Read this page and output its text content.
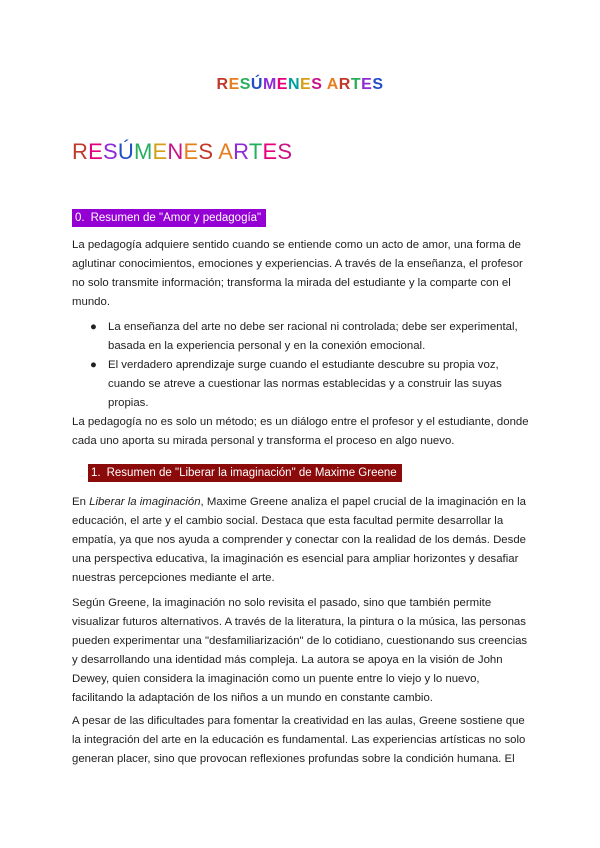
RESÚMENES ARTES
RESÚMENES ARTES
0. Resumen de "Amor y pedagogía"

La pedagogía adquiere sentido cuando se entiende como un acto de amor, una forma de aglutinar conocimientos, emociones y experiencias. A través de la enseñanza, el profesor no solo transmite información; transforma la mirada del estudiante y la comparte con el mundo.

● La enseñanza del arte no debe ser racional ni controlada; debe ser experimental, basada en la experiencia personal y en la conexión emocional.
● El verdadero aprendizaje surge cuando el estudiante descubre su propia voz, cuando se atreve a cuestionar las normas establecidas y a construir las suyas propias.

La pedagogía no es solo un método; es un diálogo entre el profesor y el estudiante, donde cada uno aporta su mirada personal y transforma el proceso en algo nuevo.

1. Resumen de "Liberar la imaginación" de Maxime Greene

En Liberar la imaginación, Maxime Greene analiza el papel crucial de la imaginación en la educación, el arte y el cambio social. Destaca que esta facultad permite desarrollar la empatía, ya que nos ayuda a comprender y conectar con la realidad de los demás. Desde una perspectiva educativa, la imaginación es esencial para ampliar horizontes y desafiar nuestras percepciones mediante el arte.

Según Greene, la imaginación no solo revisita el pasado, sino que también permite visualizar futuros alternativos. A través de la literatura, la pintura o la música, las personas pueden experimentar una "desfamiliarización" de lo cotidiano, cuestionando sus creencias y desarrollando una identidad más compleja. La autora se apoya en la visión de John Dewey, quien considera la imaginación como un puente entre lo viejo y lo nuevo, facilitando la adaptación de los niños a un mundo en constante cambio.

A pesar de las dificultades para fomentar la creatividad en las aulas, Greene sostiene que la integración del arte en la educación es fundamental. Las experiencias artísticas no solo generan placer, sino que provocan reflexiones profundas sobre la condición humana. El
